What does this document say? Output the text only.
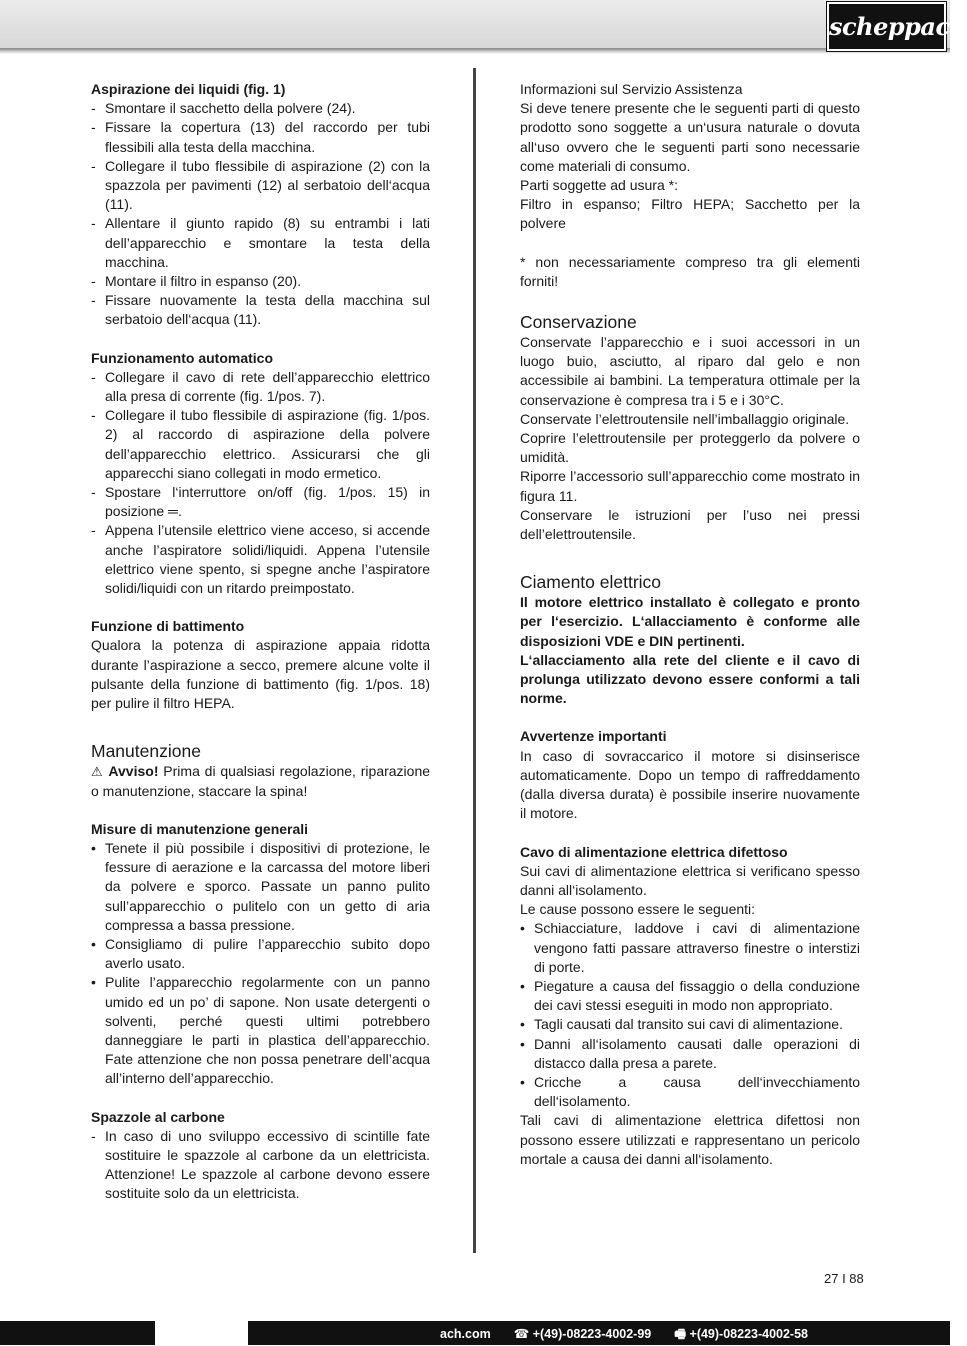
scheppach

Aspirazione dei liquidi (fig. 1)

- Smontare il sacchetto della polvere (24).
- Fissare la copertura (13) del raccordo per tubi flessibili alla testa della macchina.
- Collegare il tubo flessibile di aspirazione (2) con la spazzola per pavimenti (12) al serbatoio dell‘acqua (11).
- Allentare il giunto rapido (8) su entrambi i lati dell’apparecchio e smontare la testa della macchina.
- Montare il filtro in espanso (20).
- Fissare nuovamente la testa della macchina sul serbatoio dell‘acqua (11).

Funzionamento automatico

- Collegare il cavo di rete dell’apparecchio elettrico alla presa di corrente (fig. 1/pos. 7).
- Collegare il tubo flessibile di aspirazione (fig. 1/pos. 2) al raccordo di aspirazione della polvere dell’apparecchio elettrico. Assicurarsi che gli apparecchi siano collegati in modo ermetico.
- Spostare l‘interruttore on/off (fig. 1/pos. 15) in posizione ═.
- Appena l’utensile elettrico viene acceso, si accende anche l’aspiratore solidi/liquidi. Appena l’utensile elettrico viene spento, si spegne anche l’aspiratore solidi/liquidi con un ritardo preimpostato.

Funzione di battimento

Qualora la potenza di aspirazione appaia ridotta durante l’aspirazione a secco, premere alcune volte il pulsante della funzione di battimento (fig. 1/pos. 18) per pulire il filtro HEPA.

Manutenzione

⚠ Avviso! Prima di qualsiasi regolazione, riparazione o manutenzione, staccare la spina!

Misure di manutenzione generali

• Tenete il più possibile i dispositivi di protezione, le fessure di aerazione e la carcassa del motore liberi da polvere e sporco. Passate un panno pulito sull’apparecchio o pulitelo con un getto di aria compressa a bassa pressione.
• Consigliamo di pulire l’apparecchio subito dopo averlo usato.
• Pulite l’apparecchio regolarmente con un panno umido ed un po’ di sapone. Non usate detergenti o solventi, perché questi ultimi potrebbero danneggiare le parti in plastica dell’apparecchio. Fate attenzione che non possa penetrare dell’acqua all’interno dell’apparecchio.

Spazzole al carbone

- In caso di uno sviluppo eccessivo di scintille fate sostituire le spazzole al carbone da un elettricista. Attenzione! Le spazzole al carbone devono essere sostituite solo da un elettricista.

Informazioni sul Servizio Assistenza

Si deve tenere presente che le seguenti parti di questo prodotto sono soggette a un‘usura naturale o dovuta all‘uso ovvero che le seguenti parti sono necessarie come materiali di consumo.

Parti soggette ad usura *:

Filtro in espanso; Filtro HEPA; Sacchetto per la polvere

* non necessariamente compreso tra gli elementi forniti!

Conservazione

Conservate l’apparecchio e i suoi accessori in un luogo buio, asciutto, al riparo dal gelo e non accessibile ai bambini. La temperatura ottimale per la conservazione è compresa tra i 5 e i 30°C.

Conservate l’elettroutensile nell’imballaggio originale.

Coprire l’elettroutensile per proteggerlo da polvere o umidità.

Riporre l’accessorio sull’apparecchio come mostrato in figura 11.

Conservare le istruzioni per l’uso nei pressi dell’elettroutensile.

Ciamento elettrico

Il motore elettrico installato è collegato e pronto per l‘esercizio. L‘allacciamento è conforme alle disposizioni VDE e DIN pertinenti.

L‘allacciamento alla rete del cliente e il cavo di prolunga utilizzato devono essere conformi a tali norme.

Avvertenze importanti

In caso di sovraccarico il motore si disinserisce automaticamente. Dopo un tempo di raffreddamento (dalla diversa durata) è possibile inserire nuovamente il motore.

Cavo di alimentazione elettrica difettoso

Sui cavi di alimentazione elettrica si verificano spesso danni all‘isolamento.

Le cause possono essere le seguenti:

• Schiacciature, laddove i cavi di alimentazione vengono fatti passare attraverso finestre o interstizi di porte.
• Piegature a causa del fissaggio o della conduzione dei cavi stessi eseguiti in modo non appropriato.
• Tagli causati dal transito sui cavi di alimentazione.
• Danni all‘isolamento causati dalle operazioni di distacco dalla presa a parete.
• Cricche a causa dell‘invecchiamento dell‘isolamento.

Tali cavi di alimentazione elettrica difettosi non possono essere utilizzati e rappresentano un pericolo mortale a causa dei danni all‘isolamento.

27 I 88
ach.com ☎ +(49)-08223-4002-99 🖷 +(49)-08223-4002-58
